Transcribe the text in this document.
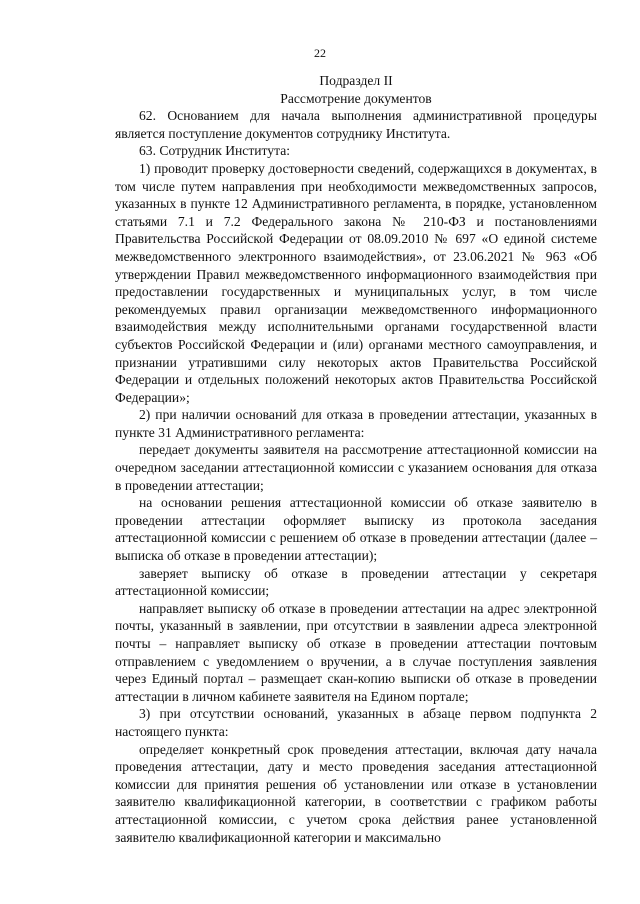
22

Подраздел II

Рассмотрение документов

62. Основанием для начала выполнения административной процедуры является поступление документов сотруднику Института.

63. Сотрудник Института:

1) проводит проверку достоверности сведений, содержащихся в документах, в том числе путем направления при необходимости межведомственных запросов, указанных в пункте 12 Административного регламента, в порядке, установленном статьями 7.1 и 7.2 Федерального закона № 210-ФЗ и постановлениями Правительства Российской Федерации от 08.09.2010 № 697 «О единой системе межведомственного электронного взаимодействия», от 23.06.2021 № 963 «Об утверждении Правил межведомственного информационного взаимодействия при предоставлении государственных и муниципальных услуг, в том числе рекомендуемых правил организации межведомственного информационного взаимодействия между исполнительными органами государственной власти субъектов Российской Федерации и (или) органами местного самоуправления, и признании утратившими силу некоторых актов Правительства Российской Федерации и отдельных положений некоторых актов Правительства Российской Федерации»;

2) при наличии оснований для отказа в проведении аттестации, указанных в пункте 31 Административного регламента:

передает документы заявителя на рассмотрение аттестационной комиссии на очередном заседании аттестационной комиссии с указанием основания для отказа в проведении аттестации;

на основании решения аттестационной комиссии об отказе заявителю в проведении аттестации оформляет выписку из протокола заседания аттестационной комиссии с решением об отказе в проведении аттестации (далее – выписка об отказе в проведении аттестации);

заверяет выписку об отказе в проведении аттестации у секретаря аттестационной комиссии;

направляет выписку об отказе в проведении аттестации на адрес электронной почты, указанный в заявлении, при отсутствии в заявлении адреса электронной почты – направляет выписку об отказе в проведении аттестации почтовым отправлением с уведомлением о вручении, а в случае поступления заявления через Единый портал – размещает скан-копию выписки об отказе в проведении аттестации в личном кабинете заявителя на Едином портале;

3) при отсутствии оснований, указанных в абзаце первом подпункта 2 настоящего пункта:

определяет конкретный срок проведения аттестации, включая дату начала проведения аттестации, дату и место проведения заседания аттестационной комиссии для принятия решения об установлении или отказе в установлении заявителю квалификационной категории, в соответствии с графиком работы аттестационной комиссии, с учетом срока действия ранее установленной заявителю квалификационной категории и максимально
